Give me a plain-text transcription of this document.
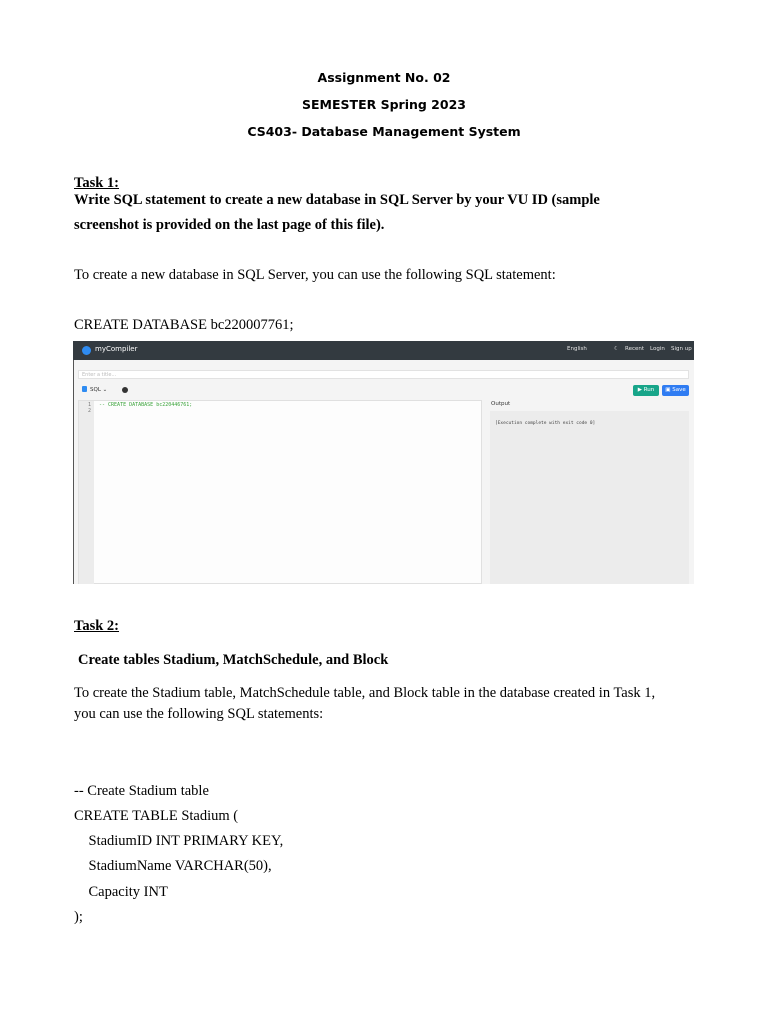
Assignment No. 02
SEMESTER Spring 2023
CS403- Database Management System
Task 1:
Write SQL statement to create a new database in SQL Server by your VU ID (sample
screenshot is provided on the last page of this file).
To create a new database in SQL Server, you can use the following SQL statement:
CREATE DATABASE bc220007761;
myCompiler	English	☾ Recent Login Sign up
Enter a title...
SQL ⌄	▶ Run	▣ Save
1
2
-- CREATE DATABASE bc220446761;	Output
[Execution complete with exit code 0]
Task 2:
Create tables Stadium, MatchSchedule, and Block
To create the Stadium table, MatchSchedule table, and Block table in the database created in Task 1,
you can use the following SQL statements:
-- Create Stadium table
CREATE TABLE Stadium (
StadiumID INT PRIMARY KEY,
StadiumName VARCHAR(50),
Capacity INT
);
